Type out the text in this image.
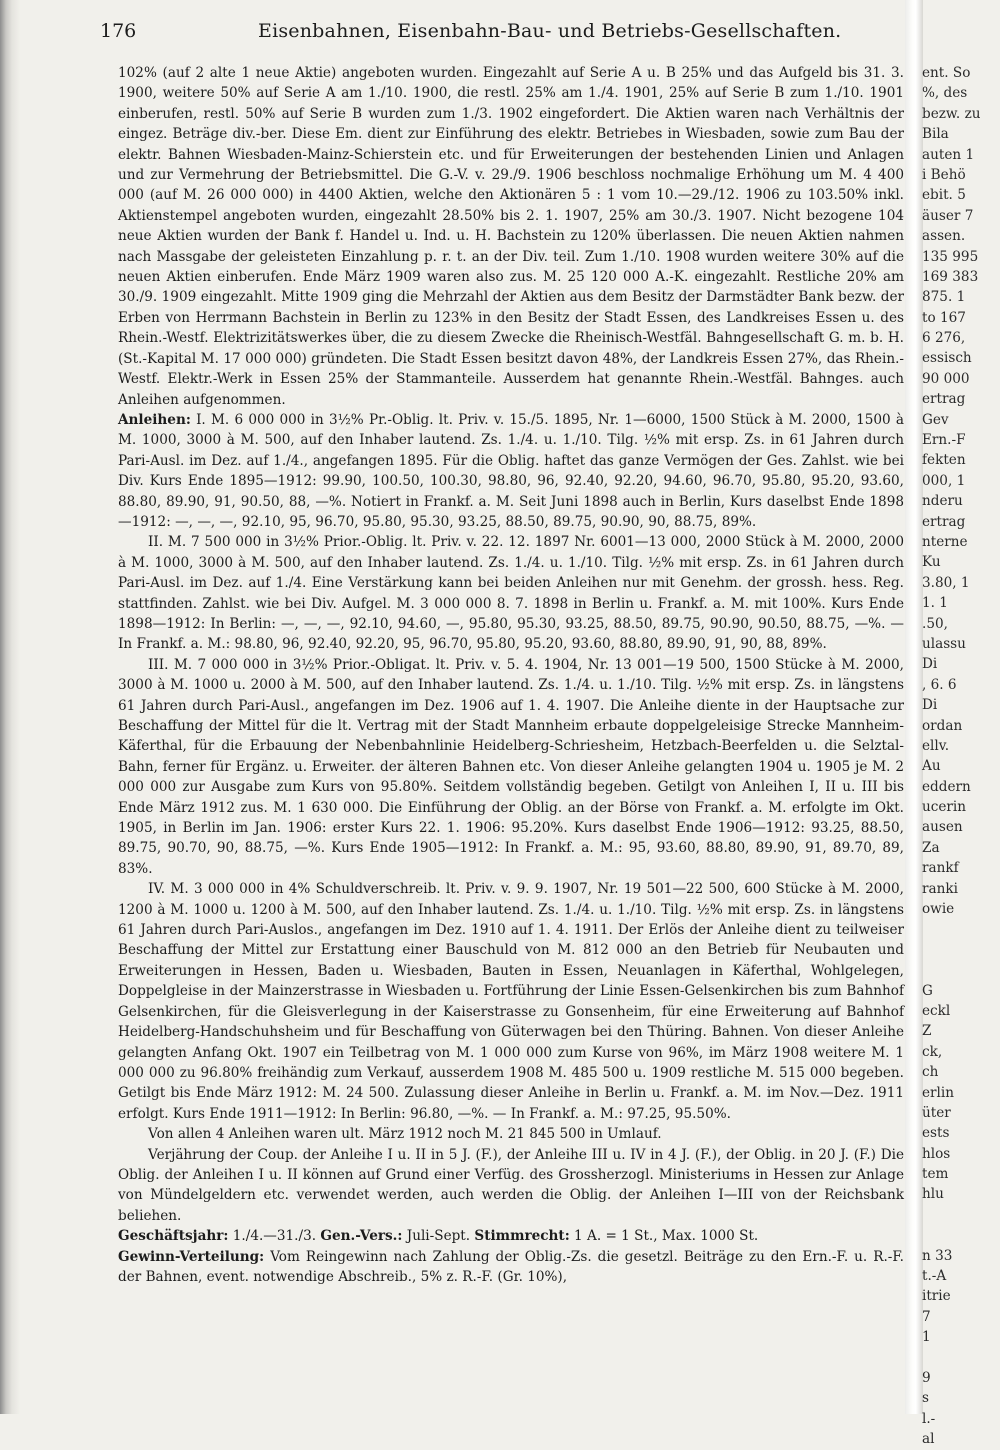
176	Eisenbahnen, Eisenbahn-Bau- und Betriebs-Gesellschaften.

102% (auf 2 alte 1 neue Aktie) angeboten wurden. Eingezahlt auf Serie A u. B 25% und das Aufgeld bis 31. 3. 1900, weitere 50% auf Serie A am 1./10. 1900, die restl. 25% am 1./4. 1901, 25% auf Serie B zum 1./10. 1901 einberufen, restl. 50% auf Serie B wurden zum 1./3. 1902 eingefordert. Die Aktien waren nach Verhältnis der eingez. Beträge div.-ber. Diese Em. dient zur Einführung des elektr. Betriebes in Wiesbaden, sowie zum Bau der elektr. Bahnen Wiesbaden-Mainz-Schierstein etc. und für Erweiterungen der bestehenden Linien und Anlagen und zur Vermehrung der Betriebsmittel. Die G.-V. v. 29./9. 1906 beschloss nochmalige Erhöhung um M. 4 400 000 (auf M. 26 000 000) in 4400 Aktien, welche den Aktionären 5 : 1 vom 10.—29./12. 1906 zu 103.50% inkl. Aktienstempel angeboten wurden, eingezahlt 28.50% bis 2. 1. 1907, 25% am 30./3. 1907. Nicht bezogene 104 neue Aktien wurden der Bank f. Handel u. Ind. u. H. Bachstein zu 120% überlassen. Die neuen Aktien nahmen nach Massgabe der geleisteten Einzahlung p. r. t. an der Div. teil. Zum 1./10. 1908 wurden weitere 30% auf die neuen Aktien einberufen. Ende März 1909 waren also zus. M. 25 120 000 A.-K. eingezahlt. Restliche 20% am 30./9. 1909 eingezahlt. Mitte 1909 ging die Mehrzahl der Aktien aus dem Besitz der Darmstädter Bank bezw. der Erben von Herrmann Bachstein in Berlin zu 123% in den Besitz der Stadt Essen, des Landkreises Essen u. des Rhein.-Westf. Elektrizitätswerkes über, die zu diesem Zwecke die Rheinisch-Westfäl. Bahngesellschaft G. m. b. H. (St.-Kapital M. 17 000 000) gründeten. Die Stadt Essen besitzt davon 48%, der Landkreis Essen 27%, das Rhein.-Westf. Elektr.-Werk in Essen 25% der Stammanteile. Ausserdem hat genannte Rhein.-Westfäl. Bahnges. auch Anleihen aufgenommen.

Anleihen: I. M. 6 000 000 in 3½% Pr.-Oblig. lt. Priv. v. 15./5. 1895, Nr. 1—6000, 1500 Stück à M. 2000, 1500 à M. 1000, 3000 à M. 500, auf den Inhaber lautend. Zs. 1./4. u. 1./10. Tilg. ½% mit ersp. Zs. in 61 Jahren durch Pari-Ausl. im Dez. auf 1./4., angefangen 1895. Für die Oblig. haftet das ganze Vermögen der Ges. Zahlst. wie bei Div. Kurs Ende 1895—1912: 99.90, 100.50, 100.30, 98.80, 96, 92.40, 92.20, 94.60, 96.70, 95.80, 95.20, 93.60, 88.80, 89.90, 91, 90.50, 88, —%. Notiert in Frankf. a. M. Seit Juni 1898 auch in Berlin, Kurs daselbst Ende 1898—1912: —, —, —, 92.10, 95, 96.70, 95.80, 95.30, 93.25, 88.50, 89.75, 90.90, 90, 88.75, 89%.

II. M. 7 500 000 in 3½% Prior.-Oblig. lt. Priv. v. 22. 12. 1897 Nr. 6001—13 000, 2000 Stück à M. 2000, 2000 à M. 1000, 3000 à M. 500, auf den Inhaber lautend. Zs. 1./4. u. 1./10. Tilg. ½% mit ersp. Zs. in 61 Jahren durch Pari-Ausl. im Dez. auf 1./4. Eine Verstärkung kann bei beiden Anleihen nur mit Genehm. der grossh. hess. Reg. stattfinden. Zahlst. wie bei Div. Aufgel. M. 3 000 000 8. 7. 1898 in Berlin u. Frankf. a. M. mit 100%. Kurs Ende 1898—1912: In Berlin: —, —, —, 92.10, 94.60, —, 95.80, 95.30, 93.25, 88.50, 89.75, 90.90, 90.50, 88.75, —%. — In Frankf. a. M.: 98.80, 96, 92.40, 92.20, 95, 96.70, 95.80, 95.20, 93.60, 88.80, 89.90, 91, 90, 88, 89%.

III. M. 7 000 000 in 3½% Prior.-Obligat. lt. Priv. v. 5. 4. 1904, Nr. 13 001—19 500, 1500 Stücke à M. 2000, 3000 à M. 1000 u. 2000 à M. 500, auf den Inhaber lautend. Zs. 1./4. u. 1./10. Tilg. ½% mit ersp. Zs. in längstens 61 Jahren durch Pari-Ausl., angefangen im Dez. 1906 auf 1. 4. 1907. Die Anleihe diente in der Hauptsache zur Beschaffung der Mittel für die lt. Vertrag mit der Stadt Mannheim erbaute doppelgeleisige Strecke Mannheim-Käferthal, für die Erbauung der Nebenbahnlinie Heidelberg-Schriesheim, Hetzbach-Beerfelden u. die Selztal-Bahn, ferner für Ergänz. u. Erweiter. der älteren Bahnen etc. Von dieser Anleihe gelangten 1904 u. 1905 je M. 2 000 000 zur Ausgabe zum Kurs von 95.80%. Seitdem vollständig begeben. Getilgt von Anleihen I, II u. III bis Ende März 1912 zus. M. 1 630 000. Die Einführung der Oblig. an der Börse von Frankf. a. M. erfolgte im Okt. 1905, in Berlin im Jan. 1906: erster Kurs 22. 1. 1906: 95.20%. Kurs daselbst Ende 1906—1912: 93.25, 88.50, 89.75, 90.70, 90, 88.75, —%. Kurs Ende 1905—1912: In Frankf. a. M.: 95, 93.60, 88.80, 89.90, 91, 89.70, 89, 83%.

IV. M. 3 000 000 in 4% Schuldverschreib. lt. Priv. v. 9. 9. 1907, Nr. 19 501—22 500, 600 Stücke à M. 2000, 1200 à M. 1000 u. 1200 à M. 500, auf den Inhaber lautend. Zs. 1./4. u. 1./10. Tilg. ½% mit ersp. Zs. in längstens 61 Jahren durch Pari-Auslos., angefangen im Dez. 1910 auf 1. 4. 1911. Der Erlös der Anleihe dient zu teilweiser Beschaffung der Mittel zur Erstattung einer Bauschuld von M. 812 000 an den Betrieb für Neubauten und Erweiterungen in Hessen, Baden u. Wiesbaden, Bauten in Essen, Neuanlagen in Käferthal, Wohlgelegen, Doppelgleise in der Mainzerstrasse in Wiesbaden u. Fortführung der Linie Essen-Gelsenkirchen bis zum Bahnhof Gelsenkirchen, für die Gleisverlegung in der Kaiserstrasse zu Gonsenheim, für eine Erweiterung auf Bahnhof Heidelberg-Handschuhsheim und für Beschaffung von Güterwagen bei den Thüring. Bahnen. Von dieser Anleihe gelangten Anfang Okt. 1907 ein Teilbetrag von M. 1 000 000 zum Kurse von 96%, im März 1908 weitere M. 1 000 000 zu 96.80% freihändig zum Verkauf, ausserdem 1908 M. 485 500 u. 1909 restliche M. 515 000 begeben. Getilgt bis Ende März 1912: M. 24 500. Zulassung dieser Anleihe in Berlin u. Frankf. a. M. im Nov.—Dez. 1911 erfolgt. Kurs Ende 1911—1912: In Berlin: 96.80, —%. — In Frankf. a. M.: 97.25, 95.50%.

Von allen 4 Anleihen waren ult. März 1912 noch M. 21 845 500 in Umlauf.

Verjährung der Coup. der Anleihe I u. II in 5 J. (F.), der Anleihe III u. IV in 4 J. (F.), der Oblig. in 20 J. (F.) Die Oblig. der Anleihen I u. II können auf Grund einer Verfüg. des Grossherzogl. Ministeriums in Hessen zur Anlage von Mündelgeldern etc. verwendet werden, auch werden die Oblig. der Anleihen I—III von der Reichsbank beliehen.

Geschäftsjahr: 1./4.—31./3. Gen.-Vers.: Juli-Sept. Stimmrecht: 1 A. = 1 St., Max. 1000 St.

Gewinn-Verteilung: Vom Reingewinn nach Zahlung der Oblig.-Zs. die gesetzl. Beiträge zu den Ern.-F. u. R.-F. der Bahnen, event. notwendige Abschreib., 5% z. R.-F. (Gr. 10%),

ent. So
%, des
bezw. zu
Bila
auten 1
i Behö
ebit. 5
äuser 7
assen.
135 995
169 383
875. 1
to 167
6 276,
essisch
90 000
ertrag
Gev
Ern.-F
fekten
000, 1
nderu
ertrag
nterne
Ku
3.80, 1
1. 1
.50,
ulassu
Di
, 6. 6
Di
ordan
ellv.
Au
eddern
ucerin
ausen
Za
rankf
ranki
owie
G
eckl
Z
ck,
ch
erlin
üter
ests
hlos
tem
hlu
n 33
t.-A
itrie
7
1
9
s
l.-
al
